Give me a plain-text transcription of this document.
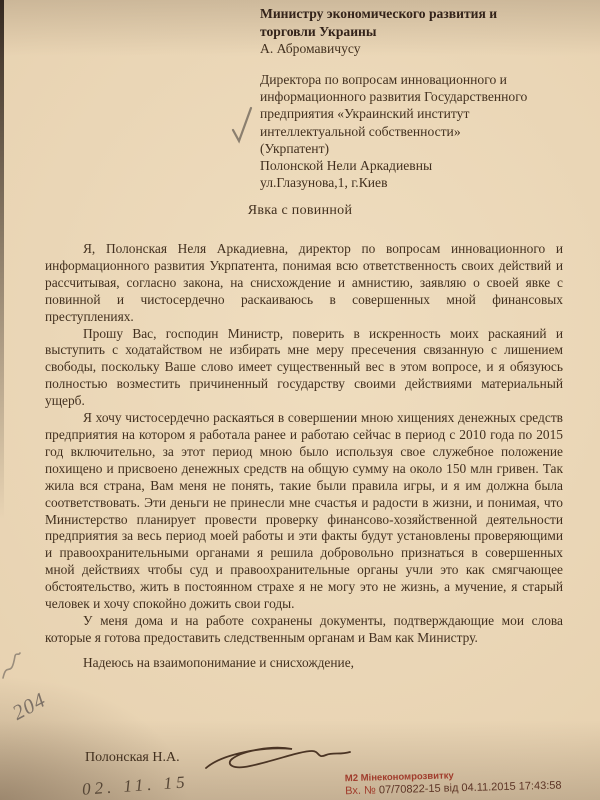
Министру экономического развития и
торговли Украины
А. Абромавичусу
Директора по вопросам инновационного и
информационного развития Государственного
предприятия «Украинский институт
интеллектуальной собственности»
(Укрпатент)
Полонской Нели Аркадиевны
ул.Глазунова,1, г.Киев
Явка с повинной

Я, Полонская Неля Аркадиевна, директор по вопросам инновационного и информационного развития Укрпатента, понимая всю ответственность своих действий и рассчитывая, согласно закона, на снисхождение и амнистию, заявляю о своей явке с повинной и чистосердечно раскаиваюсь в совершенных мной финансовых преступлениях.

Прошу Вас, господин Министр, поверить в искренность моих раскаяний и выступить с ходатайством не избирать мне меру пресечения связанную с лишением свободы, поскольку Ваше слово имеет существенный вес в этом вопросе, и я обязуюсь полностью возместить причиненный государству своими действиями материальный ущерб.

Я хочу чистосердечно раскаяться в совершении мною хищениях денежных средств предприятия на котором я работала ранее и работаю сейчас в период с 2010 года по 2015 год включительно, за этот период мною было используя свое служебное положение похищено и присвоено денежных средств на общую сумму на около 150 млн гривен. Так жила вся страна, Вам меня не понять, такие были правила игры, и я им должна была соответствовать. Эти деньги не принесли мне счастья и радости в жизни, и понимая, что Министерство планирует провести проверку финансово-хозяйственной деятельности предприятия за весь период моей работы и эти факты будут установлены проверяющими и правоохранительными органами я решила добровольно признаться в совершенных мной действиях чтобы суд и правоохранительные органы учли это как смягчающее обстоятельство, жить в постоянном страхе я не могу это не жизнь, а мучение, я старый человек и хочу спокойно дожить свои годы.

У меня дома и на работе сохранены документы, подтверждающие мои слова которые я готова предоставить следственным органам и Вам как Министру.

Надеюсь на взаимопонимание и снисхождение,

204
Полонская Н.А.
02. 11. 15	М2 Мінекономрозвитку
Вх. № 07/70822-15 від 04.11.2015 17:43:58
